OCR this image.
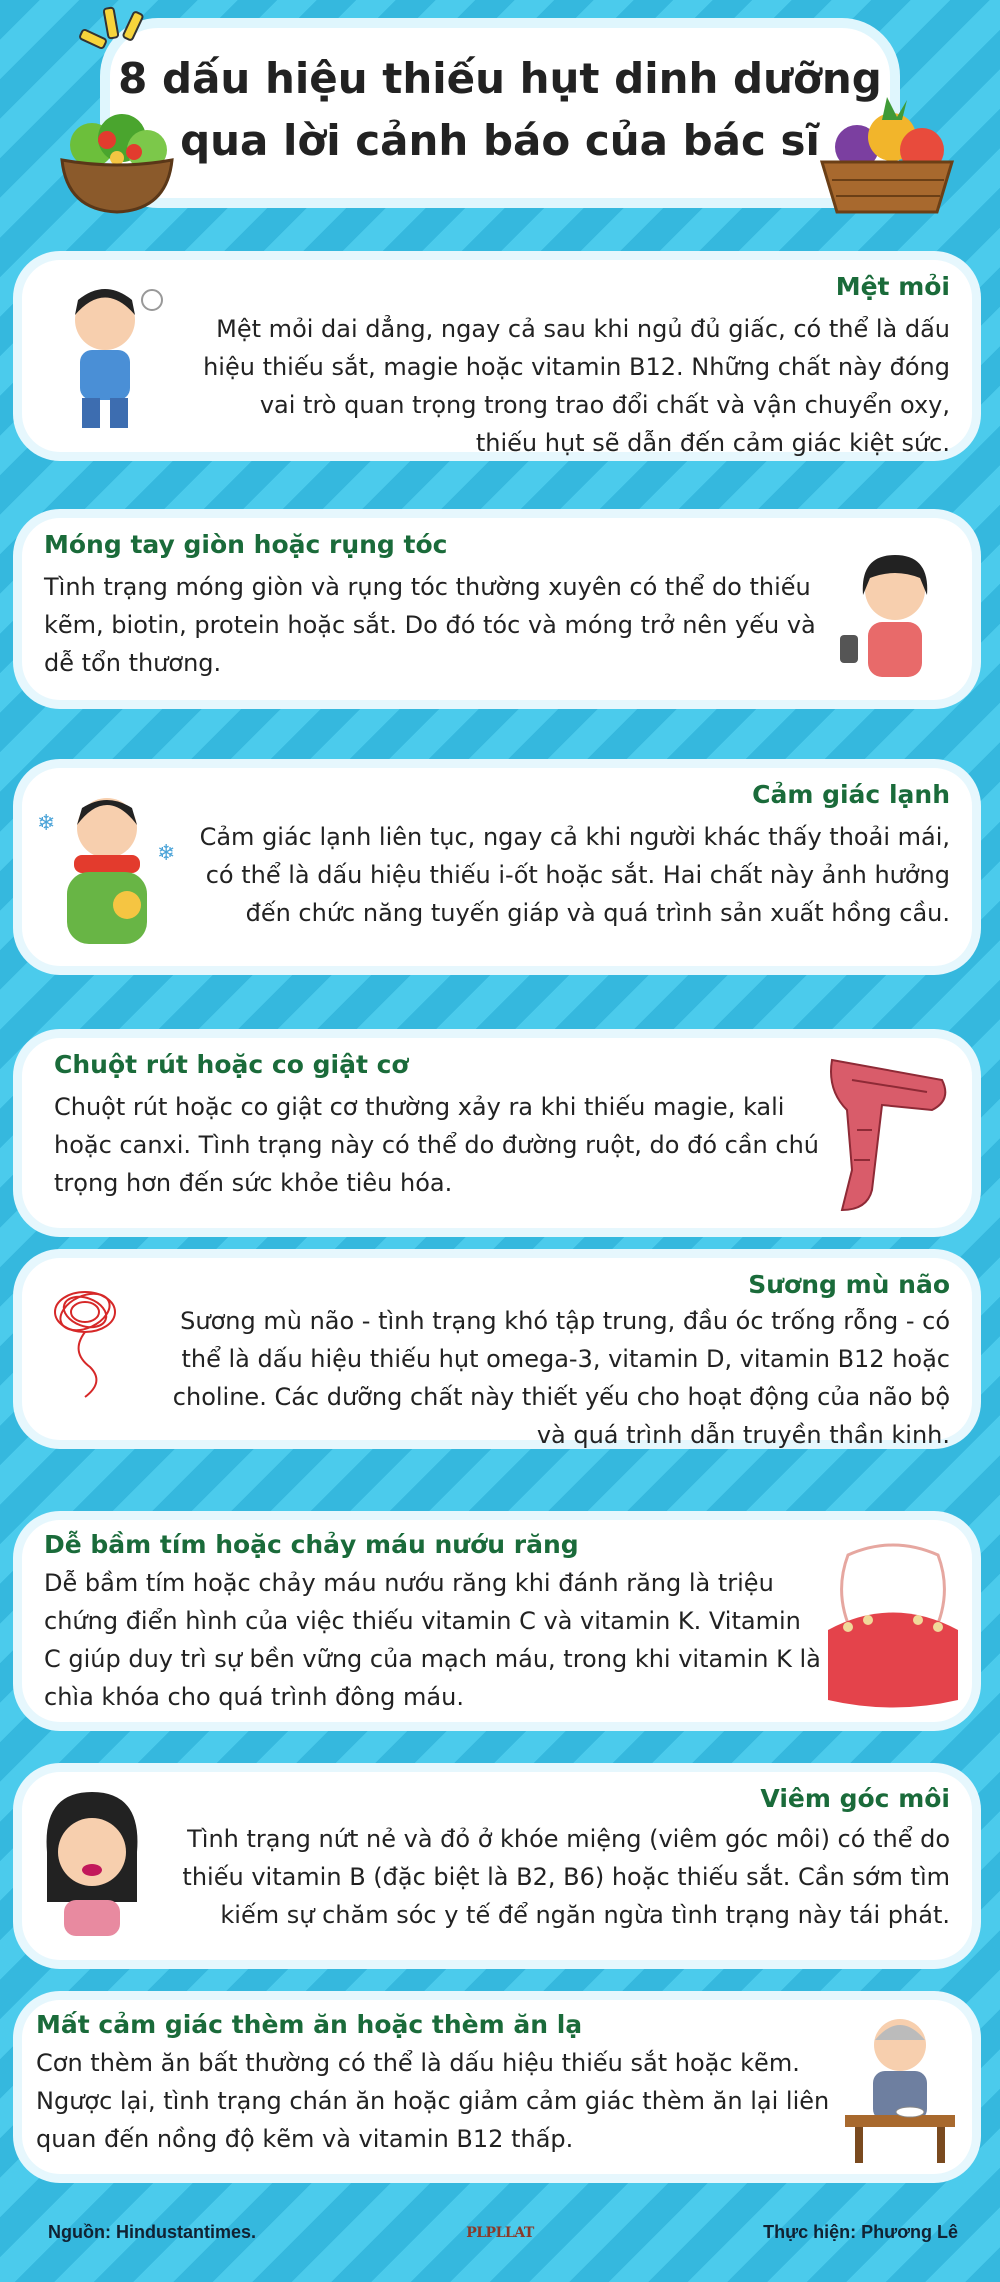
8 dấu hiệu thiếu hụt dinh dưỡng
qua lời cảnh báo của bác sĩ
Mệt mỏi

Mệt mỏi dai dẳng, ngay cả sau khi ngủ đủ giấc, có thể là dấu hiệu thiếu sắt, magie hoặc vitamin B12. Những chất này đóng vai trò quan trọng trong trao đổi chất và vận chuyển oxy, thiếu hụt sẽ dẫn đến cảm giác kiệt sức.

Móng tay giòn hoặc rụng tóc

Tình trạng móng giòn và rụng tóc thường xuyên có thể do thiếu kẽm, biotin, protein hoặc sắt. Do đó tóc và móng trở nên yếu và dễ tổn thương.

Cảm giác lạnh

Cảm giác lạnh liên tục, ngay cả khi người khác thấy thoải mái, có thể là dấu hiệu thiếu i-ốt hoặc sắt. Hai chất này ảnh hưởng đến chức năng tuyến giáp và quá trình sản xuất hồng cầu.

❄
❄
Chuột rút hoặc co giật cơ

Chuột rút hoặc co giật cơ thường xảy ra khi thiếu magie, kali hoặc canxi. Tình trạng này có thể do đường ruột, do đó cần chú trọng hơn đến sức khỏe tiêu hóa.

Sương mù não

Sương mù não - tình trạng khó tập trung, đầu óc trống rỗng - có thể là dấu hiệu thiếu hụt omega-3, vitamin D, vitamin B12 hoặc choline. Các dưỡng chất này thiết yếu cho hoạt động của não bộ và quá trình dẫn truyền thần kinh.

Dễ bầm tím hoặc chảy máu nướu răng

Dễ bầm tím hoặc chảy máu nướu răng khi đánh răng là triệu chứng điển hình của việc thiếu vitamin C và vitamin K. Vitamin C giúp duy trì sự bền vững của mạch máu, trong khi vitamin K là chìa khóa cho quá trình đông máu.

Viêm góc môi

Tình trạng nứt nẻ và đỏ ở khóe miệng (viêm góc môi) có thể do thiếu vitamin B (đặc biệt là B2, B6) hoặc thiếu sắt. Cần sớm tìm kiếm sự chăm sóc y tế để ngăn ngừa tình trạng này tái phát.

Mất cảm giác thèm ăn hoặc thèm ăn lạ

Cơn thèm ăn bất thường có thể là dấu hiệu thiếu sắt hoặc kẽm. Ngược lại, tình trạng chán ăn hoặc giảm cảm giác thèm ăn lại liên quan đến nồng độ kẽm và vitamin B12 thấp.

Nguồn: Hindustantimes.	PLPLLAT	Thực hiện: Phương Lê
